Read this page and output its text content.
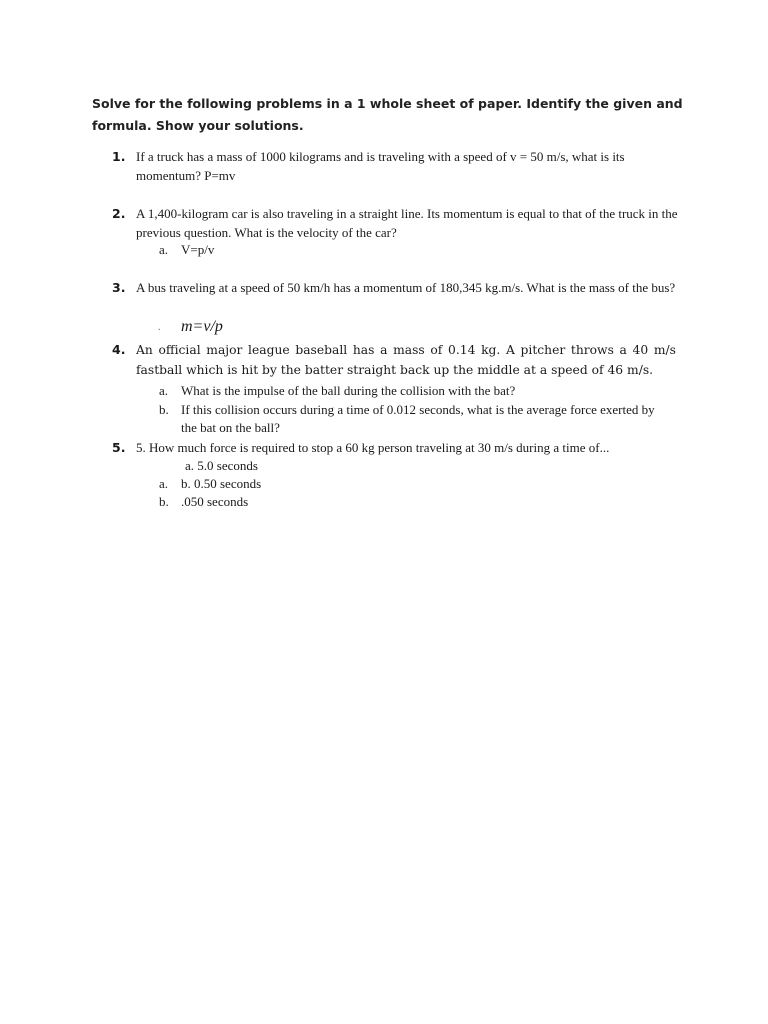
Solve for the following problems in a 1 whole sheet of paper. Identify the given and formula. Show your solutions.
1. If a truck has a mass of 1000 kilograms and is traveling with a speed of v = 50 m/s, what is its momentum? P=mv
2. A 1,400-kilogram car is also traveling in a straight line. Its momentum is equal to that of the truck in the previous question. What is the velocity of the car?
a. V=p/v
3. A bus traveling at a speed of 50 km/h has a momentum of 180,345 kg.m/s. What is the mass of the bus?
. m=v/p
4. An official major league baseball has a mass of 0.14 kg. A pitcher throws a 40 m/s fastball which is hit by the batter straight back up the middle at a speed of 46 m/s.
a. What is the impulse of the ball during the collision with the bat?
b. If this collision occurs during a time of 0.012 seconds, what is the average force exerted by the bat on the ball?
5. 5. How much force is required to stop a 60 kg person traveling at 30 m/s during a time of...
a. 5.0 seconds
a. b. 0.50 seconds
b. .050 seconds
